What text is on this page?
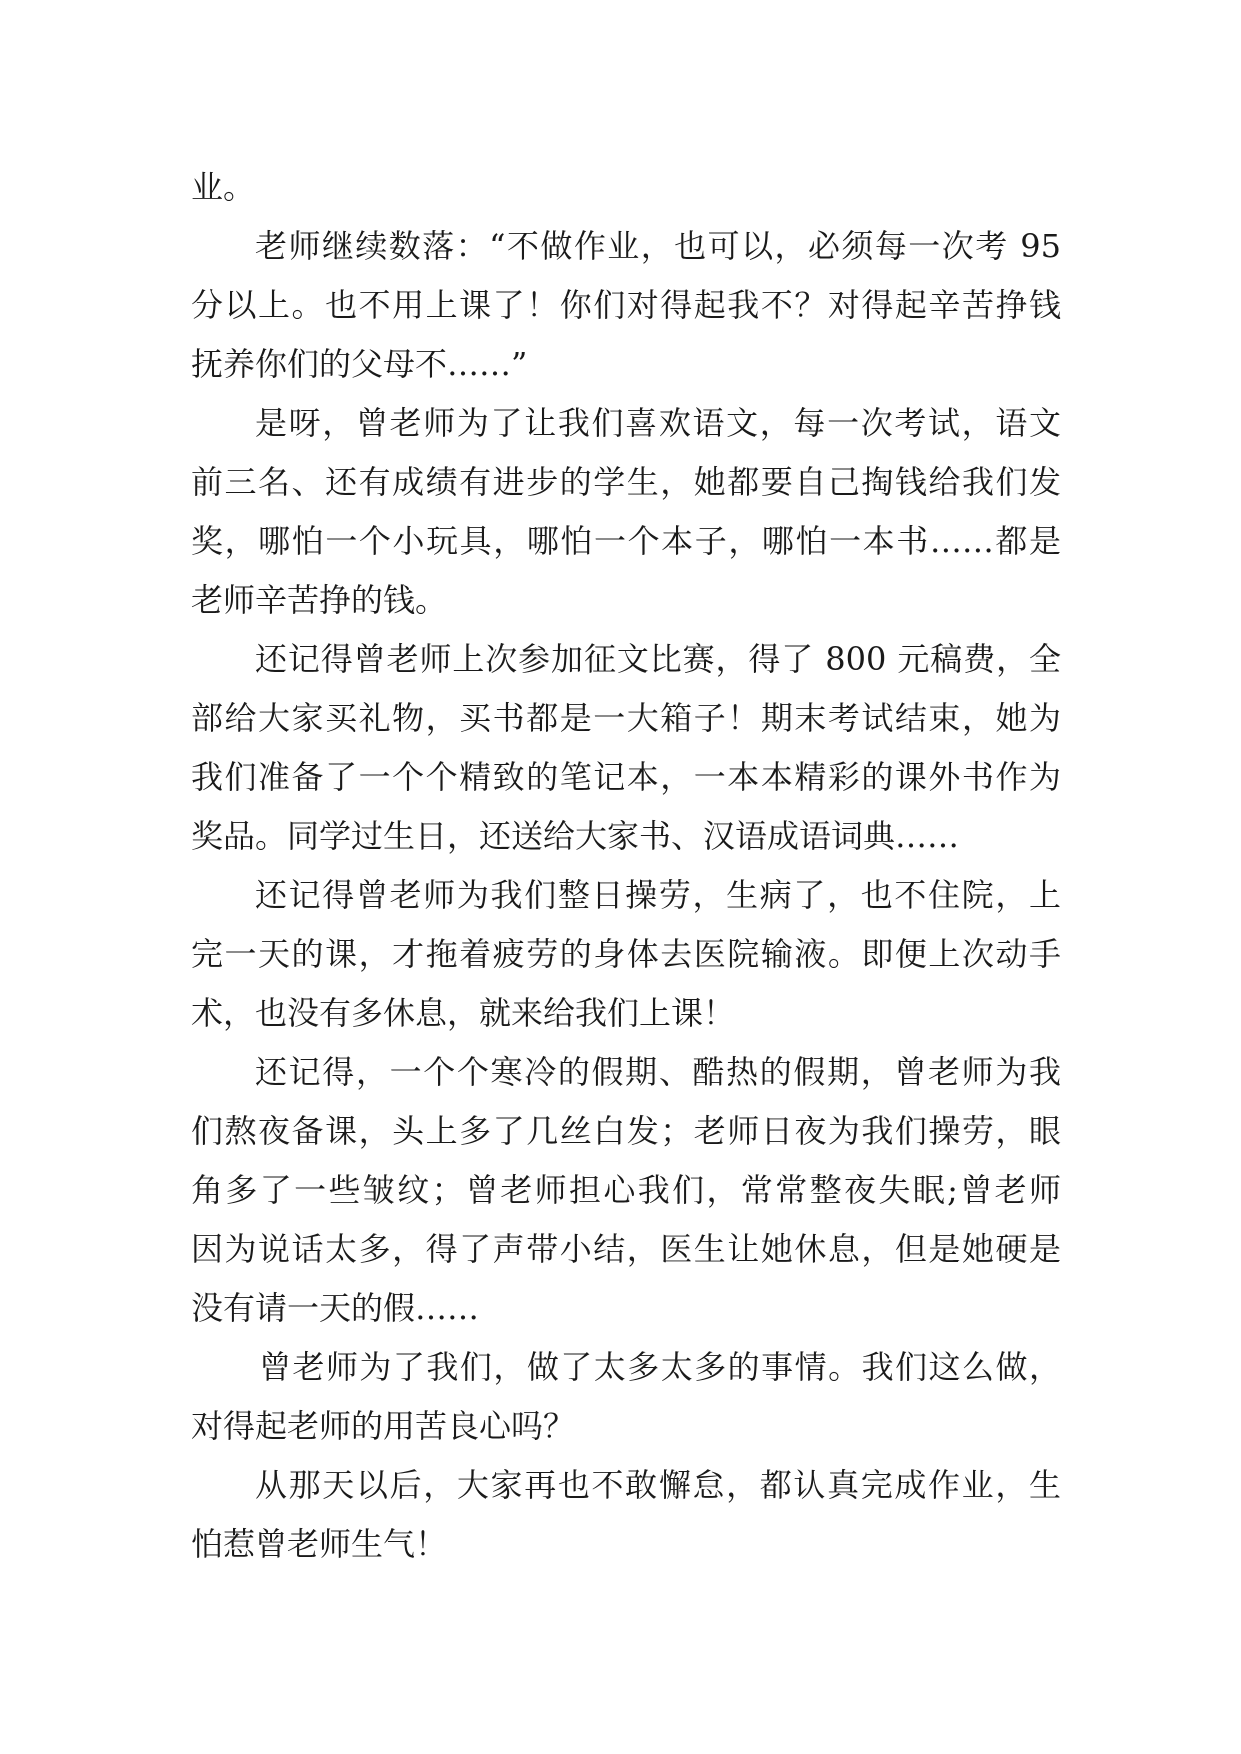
业。
老师继续数落：“不做作业，也可以，必须每一次考 95
分以上。也不用上课了！你们对得起我不？对得起辛苦挣钱
抚养你们的父母不……”
是呀，曾老师为了让我们喜欢语文，每一次考试，语文
前三名、还有成绩有进步的学生，她都要自己掏钱给我们发
奖，哪怕一个小玩具，哪怕一个本子，哪怕一本书……都是
老师辛苦挣的钱。
还记得曾老师上次参加征文比赛，得了 800 元稿费，全
部给大家买礼物，买书都是一大箱子！期末考试结束，她为
我们准备了一个个精致的笔记本，一本本精彩的课外书作为
奖品。同学过生日，还送给大家书、汉语成语词典……
还记得曾老师为我们整日操劳，生病了，也不住院，上
完一天的课，才拖着疲劳的身体去医院输液。即便上次动手
术，也没有多休息，就来给我们上课！
还记得，一个个寒冷的假期、酷热的假期，曾老师为我
们熬夜备课，头上多了几丝白发；老师日夜为我们操劳，眼
角多了一些皱纹；曾老师担心我们，常常整夜失眠;曾老师
因为说话太多，得了声带小结，医生让她休息，但是她硬是
没有请一天的假……
曾老师为了我们，做了太多太多的事情。我们这么做，
对得起老师的用苦良心吗？
从那天以后，大家再也不敢懈怠，都认真完成作业，生
怕惹曾老师生气！
